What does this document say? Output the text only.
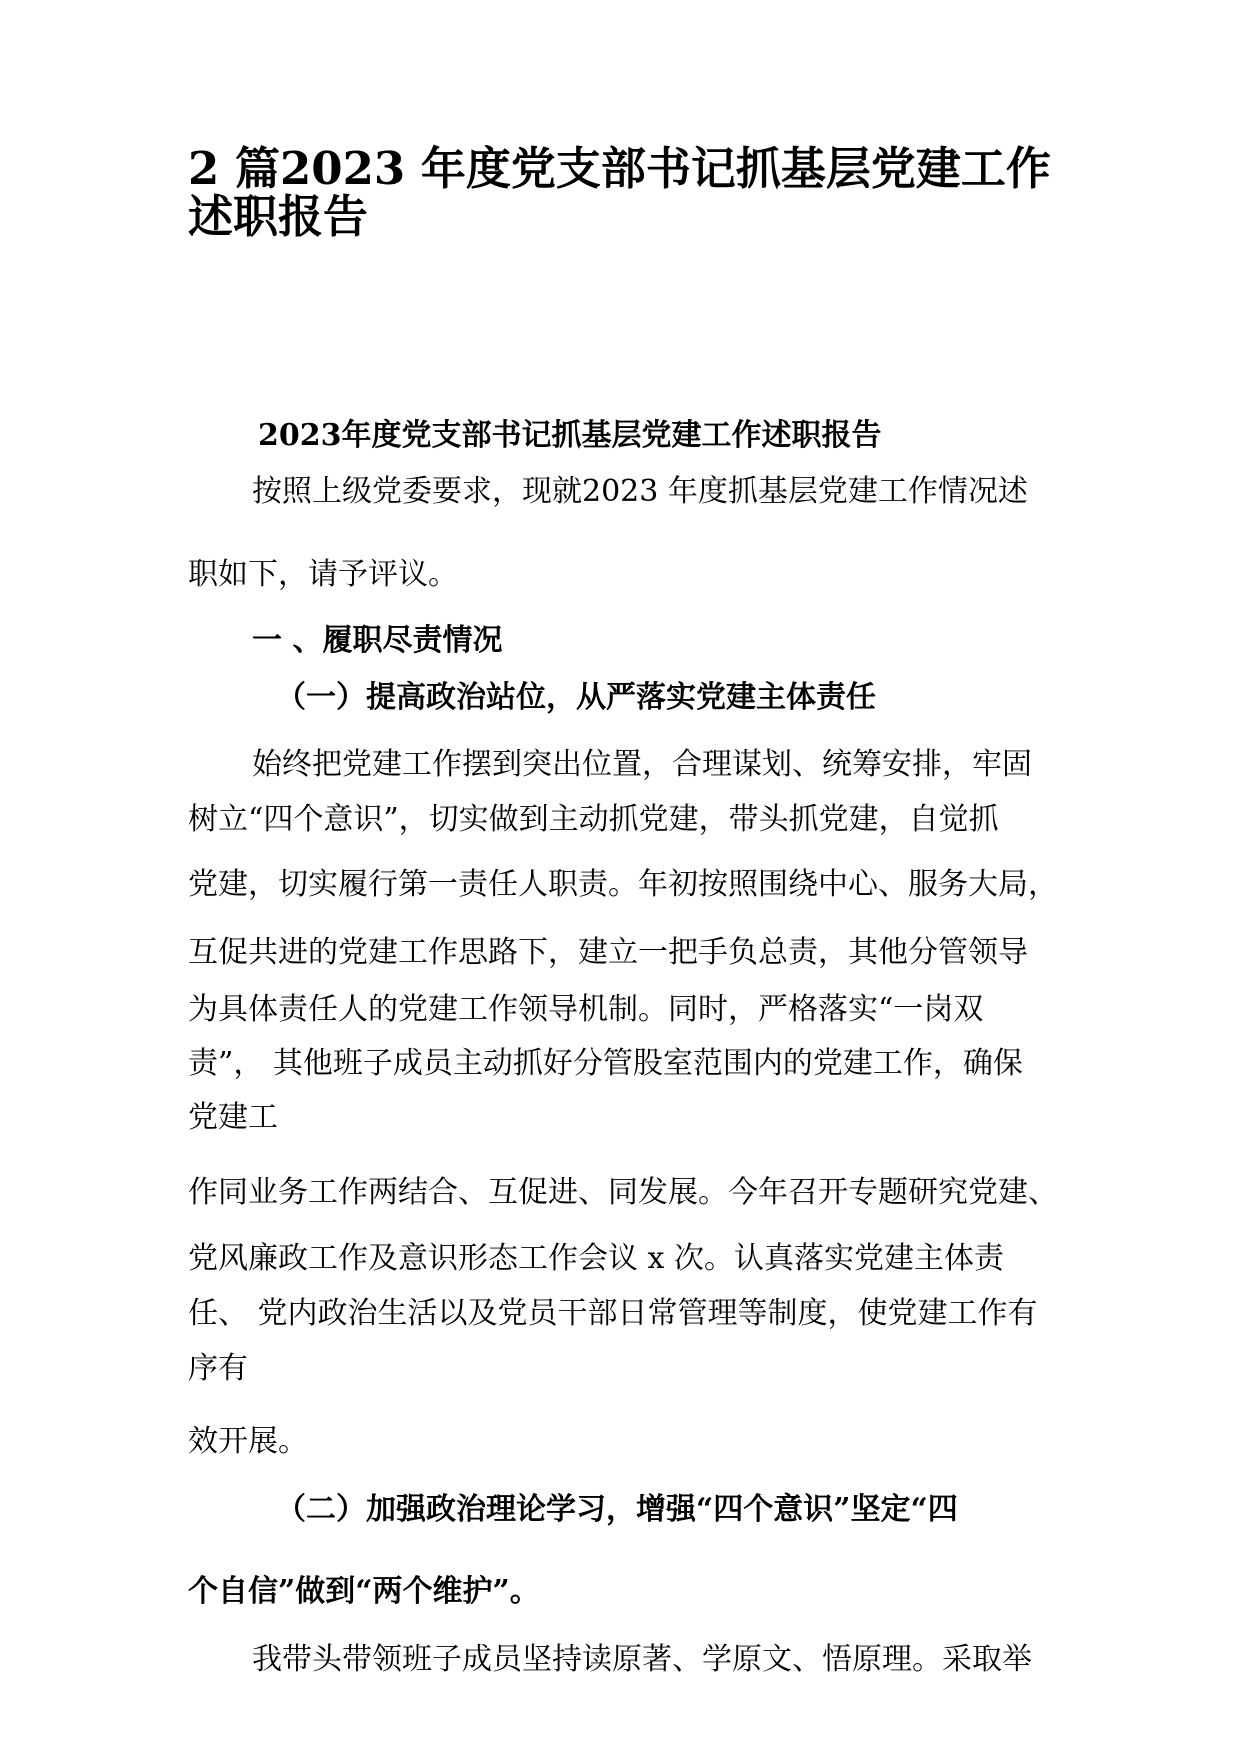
2 篇2023 年度党支部书记抓基层党建工作
述职报告

2023年度党支部书记抓基层党建工作述职报告

按照上级党委要求，现就2023 年度抓基层党建工作情况述

职如下，请予评议。

一 、履职尽责情况

（一）提高政治站位，从严落实党建主体责任

始终把党建工作摆到突出位置，合理谋划、统筹安排，牢固

树立“四个意识”，切实做到主动抓党建，带头抓党建，自觉抓

党建，切实履行第一责任人职责。年初按照围绕中心、服务大局，

互促共进的党建工作思路下，建立一把手负总责，其他分管领导

为具体责任人的党建工作领导机制。同时，严格落实“一岗双

责”， 其他班子成员主动抓好分管股室范围内的党建工作，确保

党建工

作同业务工作两结合、互促进、同发展。今年召开专题研究党建、

党风廉政工作及意识形态工作会议 x 次。认真落实党建主体责

任、 党内政治生活以及党员干部日常管理等制度，使党建工作有

序有

效开展。

（二）加强政治理论学习，增强“四个意识”坚定“四

个自信”做到“两个维护”。

我带头带领班子成员坚持读原著、学原文、悟原理。采取举
